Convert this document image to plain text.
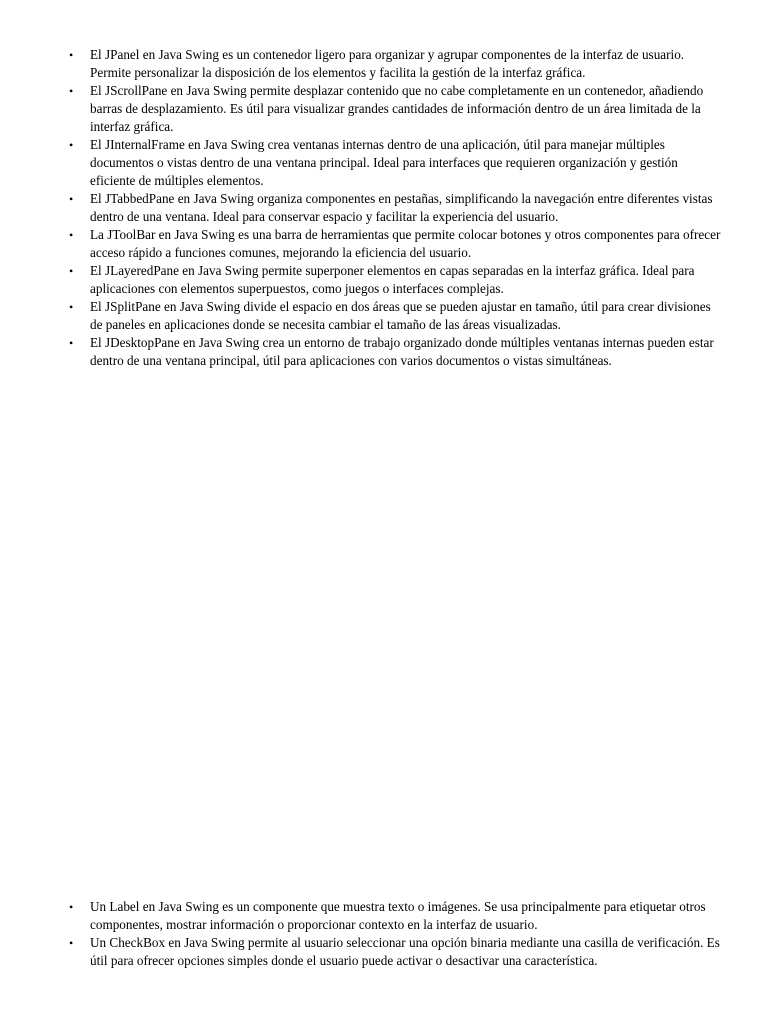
• El JPanel en Java Swing es un contenedor ligero para organizar y agrupar componentes de la interfaz de usuario. Permite personalizar la disposición de los elementos y facilita la gestión de la interfaz gráfica.
• El JScrollPane en Java Swing permite desplazar contenido que no cabe completamente en un contenedor, añadiendo barras de desplazamiento. Es útil para visualizar grandes cantidades de información dentro de un área limitada de la interfaz gráfica.
• El JInternalFrame en Java Swing crea ventanas internas dentro de una aplicación, útil para manejar múltiples documentos o vistas dentro de una ventana principal. Ideal para interfaces que requieren organización y gestión eficiente de múltiples elementos.
• El JTabbedPane en Java Swing organiza componentes en pestañas, simplificando la navegación entre diferentes vistas dentro de una ventana. Ideal para conservar espacio y facilitar la experiencia del usuario.
• La JToolBar en Java Swing es una barra de herramientas que permite colocar botones y otros componentes para ofrecer acceso rápido a funciones comunes, mejorando la eficiencia del usuario.
• El JLayeredPane en Java Swing permite superponer elementos en capas separadas en la interfaz gráfica. Ideal para aplicaciones con elementos superpuestos, como juegos o interfaces complejas.
• El JSplitPane en Java Swing divide el espacio en dos áreas que se pueden ajustar en tamaño, útil para crear divisiones de paneles en aplicaciones donde se necesita cambiar el tamaño de las áreas visualizadas.
• El JDesktopPane en Java Swing crea un entorno de trabajo organizado donde múltiples ventanas internas pueden estar dentro de una ventana principal, útil para aplicaciones con varios documentos o vistas simultáneas.
• Un Label en Java Swing es un componente que muestra texto o imágenes. Se usa principalmente para etiquetar otros componentes, mostrar información o proporcionar contexto en la interfaz de usuario.
• Un CheckBox en Java Swing permite al usuario seleccionar una opción binaria mediante una casilla de verificación. Es útil para ofrecer opciones simples donde el usuario puede activar o desactivar una característica.
